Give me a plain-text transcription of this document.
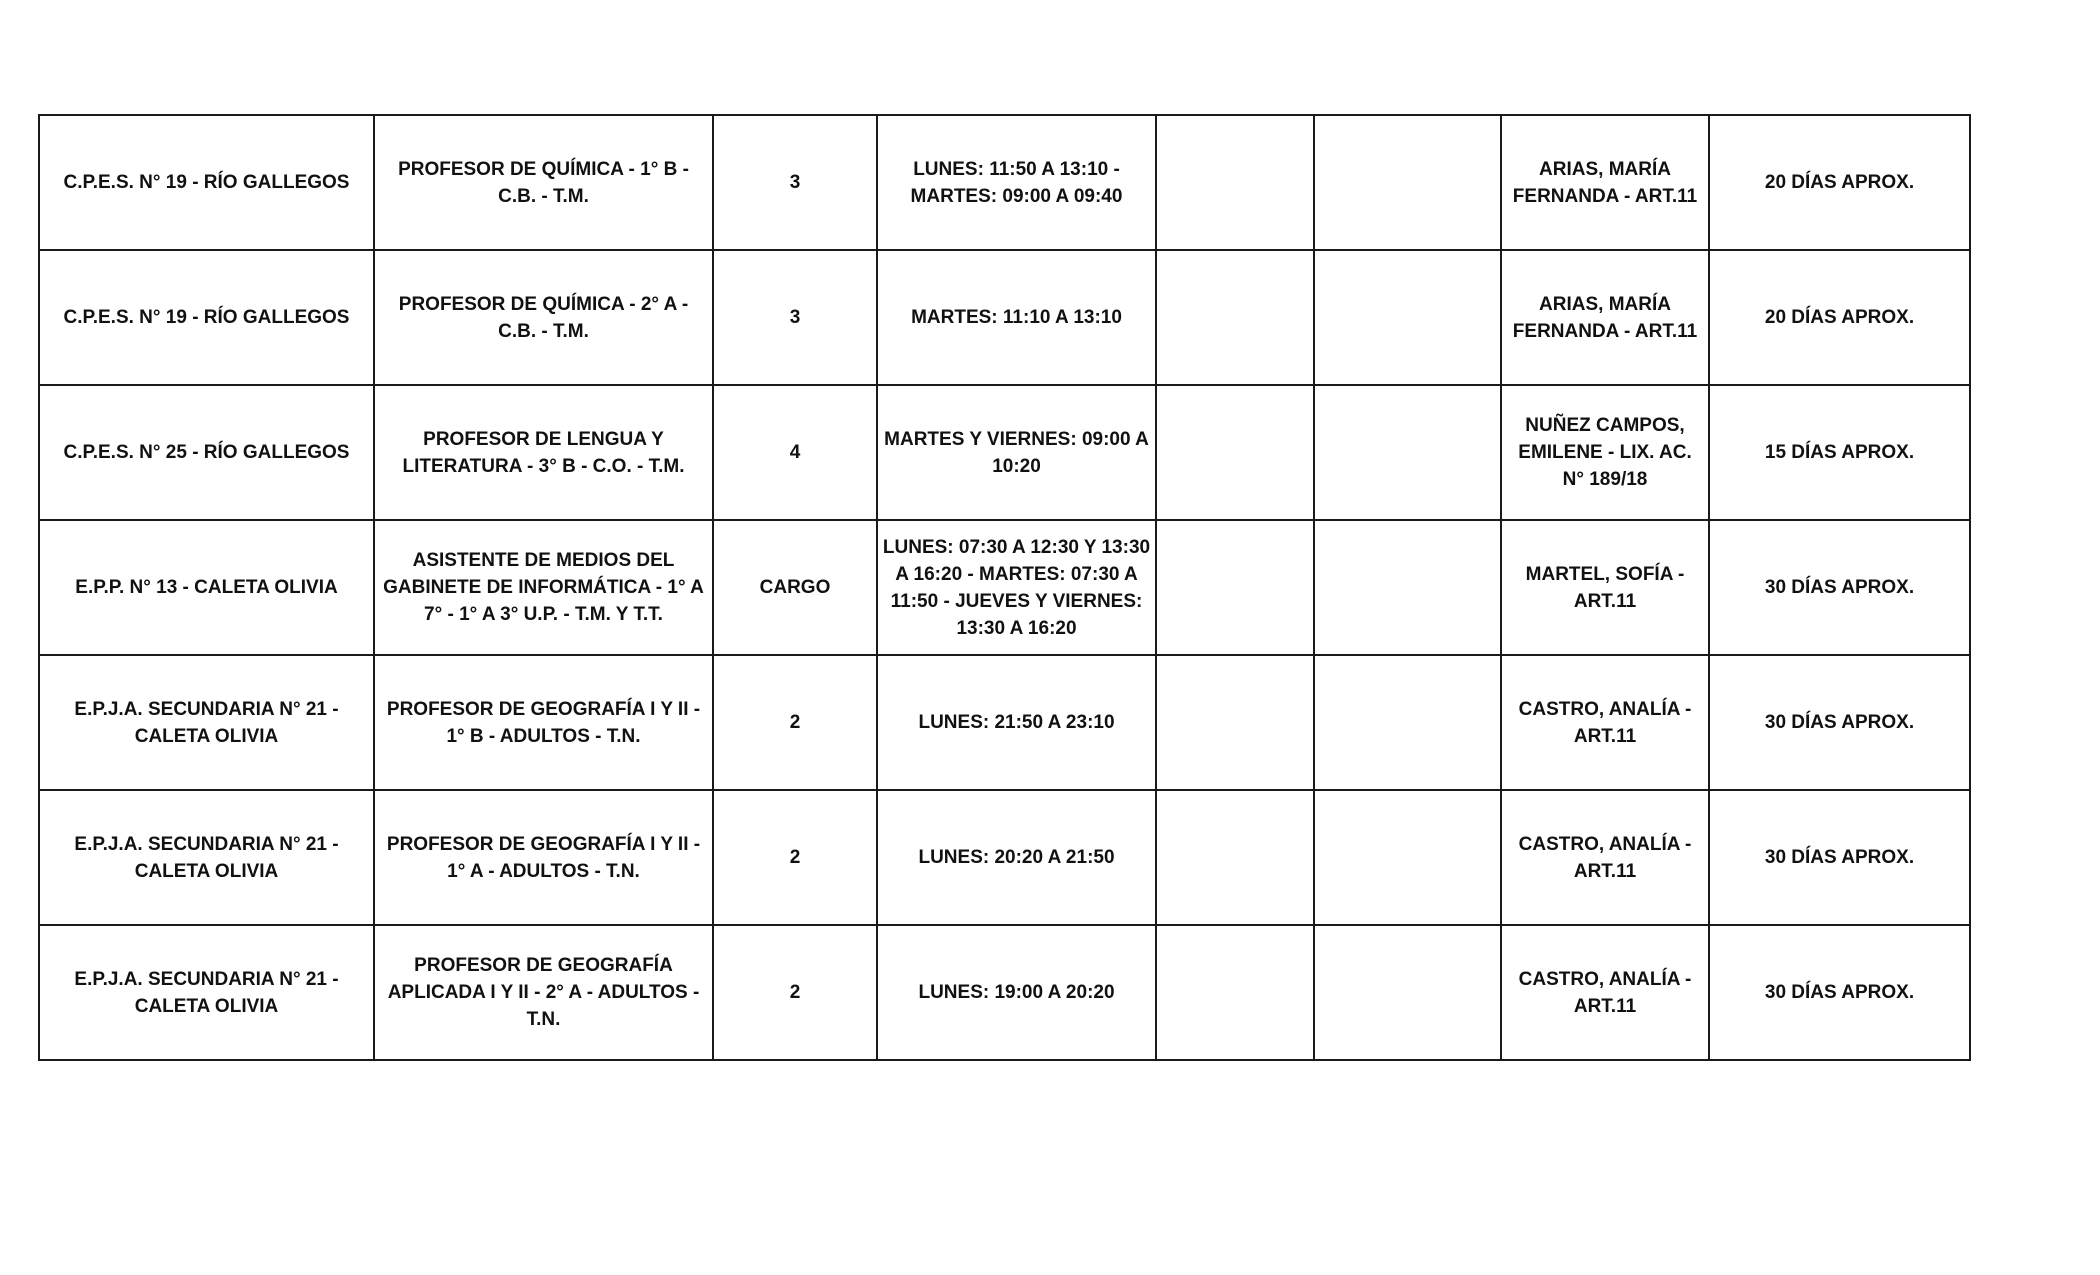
C.P.E.S. N° 19 - RÍO GALLEGOS	PROFESOR DE QUÍMICA - 1° B - C.B. - T.M.	3	LUNES: 11:50 A 13:10 - MARTES: 09:00 A 09:40			ARIAS, MARÍA FERNANDA - ART.11	20 DÍAS APROX.
C.P.E.S. N° 19 - RÍO GALLEGOS	PROFESOR DE QUÍMICA - 2° A - C.B. - T.M.	3	MARTES: 11:10 A 13:10			ARIAS, MARÍA FERNANDA - ART.11	20 DÍAS APROX.
C.P.E.S. N° 25 - RÍO GALLEGOS	PROFESOR DE LENGUA Y LITERATURA - 3° B - C.O. - T.M.	4	MARTES Y VIERNES: 09:00 A 10:20			NUÑEZ CAMPOS, EMILENE - LIX. AC. N° 189/18	15 DÍAS APROX.
E.P.P. N° 13 - CALETA OLIVIA	ASISTENTE DE MEDIOS DEL GABINETE DE INFORMÁTICA - 1° A 7° - 1° A 3° U.P. - T.M. Y T.T.	CARGO	LUNES: 07:30 A 12:30 Y 13:30 A 16:20 - MARTES: 07:30 A 11:50 - JUEVES Y VIERNES: 13:30 A 16:20			MARTEL, SOFÍA - ART.11	30 DÍAS APROX.
E.P.J.A. SECUNDARIA N° 21 - CALETA OLIVIA	PROFESOR DE GEOGRAFÍA I Y II - 1° B - ADULTOS - T.N.	2	LUNES: 21:50 A 23:10			CASTRO, ANALÍA - ART.11	30 DÍAS APROX.
E.P.J.A. SECUNDARIA N° 21 - CALETA OLIVIA	PROFESOR DE GEOGRAFÍA I Y II - 1° A - ADULTOS - T.N.	2	LUNES: 20:20 A 21:50			CASTRO, ANALÍA - ART.11	30 DÍAS APROX.
E.P.J.A. SECUNDARIA N° 21 - CALETA OLIVIA	PROFESOR DE GEOGRAFÍA APLICADA I Y II - 2° A - ADULTOS - T.N.	2	LUNES: 19:00 A 20:20			CASTRO, ANALÍA - ART.11	30 DÍAS APROX.
